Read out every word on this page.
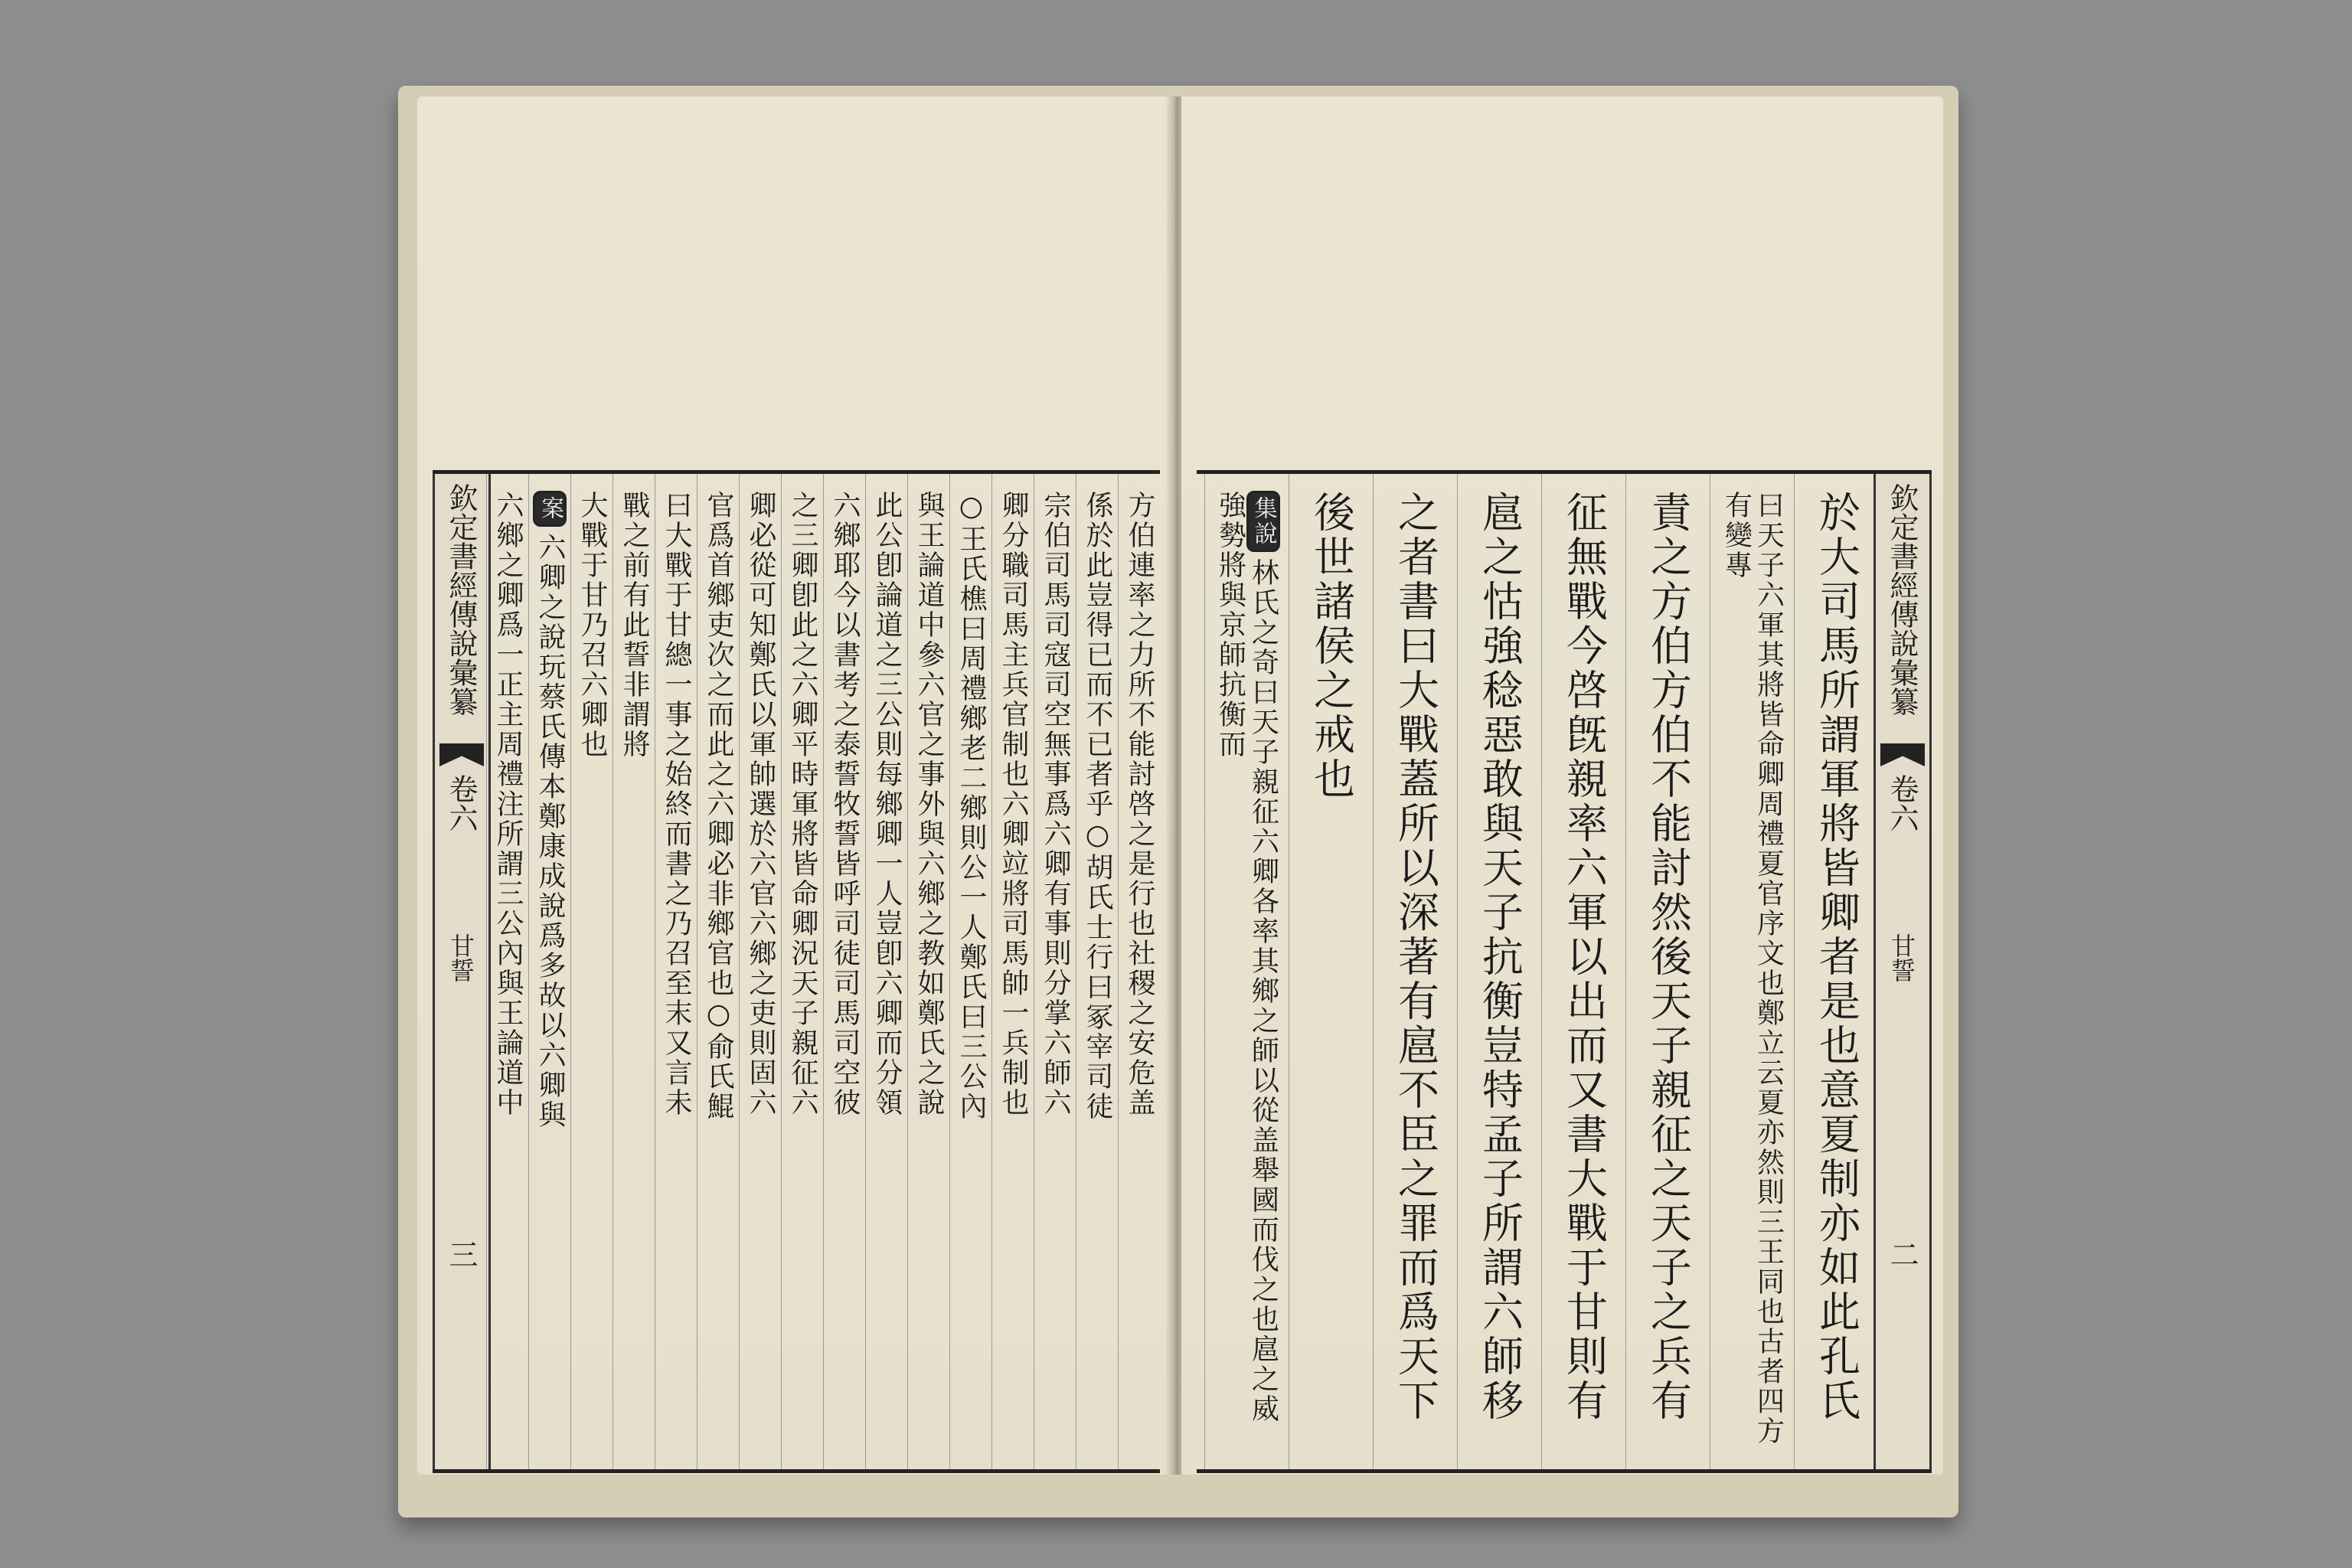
欽定書經傳說彙纂
卷六
甘誓
三
方伯連率之力所不能討啓之是行也社稷之安危盖
係於此豈得已而不已者乎○胡氏士行曰冢宰司徒
宗伯司馬司寇司空無事爲六卿有事則分掌六師六
卿分職司馬主兵官制也六卿竝將司馬帥一兵制也
○王氏樵曰周禮鄉老二鄉則公一人鄭氏曰三公內
與王論道中參六官之事外與六鄉之教如鄭氏之說
此公卽論道之三公則每鄉卿一人豈卽六卿而分領
六鄉耶今以書考之泰誓牧誓皆呼司徒司馬司空彼
之三卿卽此之六卿平時軍將皆命卿況天子親征六
卿必從可知鄭氏以軍帥選於六官六鄉之吏則固六
官爲首鄉吏次之而此之六卿必非鄉官也○俞氏鯤
曰大戰于甘總一事之始終而書之乃召至末又言未
戰之前有此誓非謂將
大戰于甘乃召六卿也
案六卿之說玩蔡氏傳本鄭康成說爲多故以六卿與
六鄉之卿爲一正主周禮注所謂三公內與王論道中	欽定書經傳說彙纂
卷六
甘誓
二
於大司馬所謂軍將皆卿者是也意夏制亦如此孔氏
曰天子六軍其將皆命卿周禮夏官序文也鄭立云夏亦然則三王同也古者四方有變專
責之方伯方伯不能討然後天子親征之天子之兵有
征無戰今啓旣親率六軍以出而又書大戰于甘則有
扈之怙強稔惡敢與天子抗衡豈特孟子所謂六師移
之者書曰大戰蓋所以深著有扈不臣之罪而爲天下
後世諸侯之戒也
集說林氏之奇曰天子親征六卿各率其鄉之師以從盖舉國而伐之也扈之威強勢將與京師抗衡而
